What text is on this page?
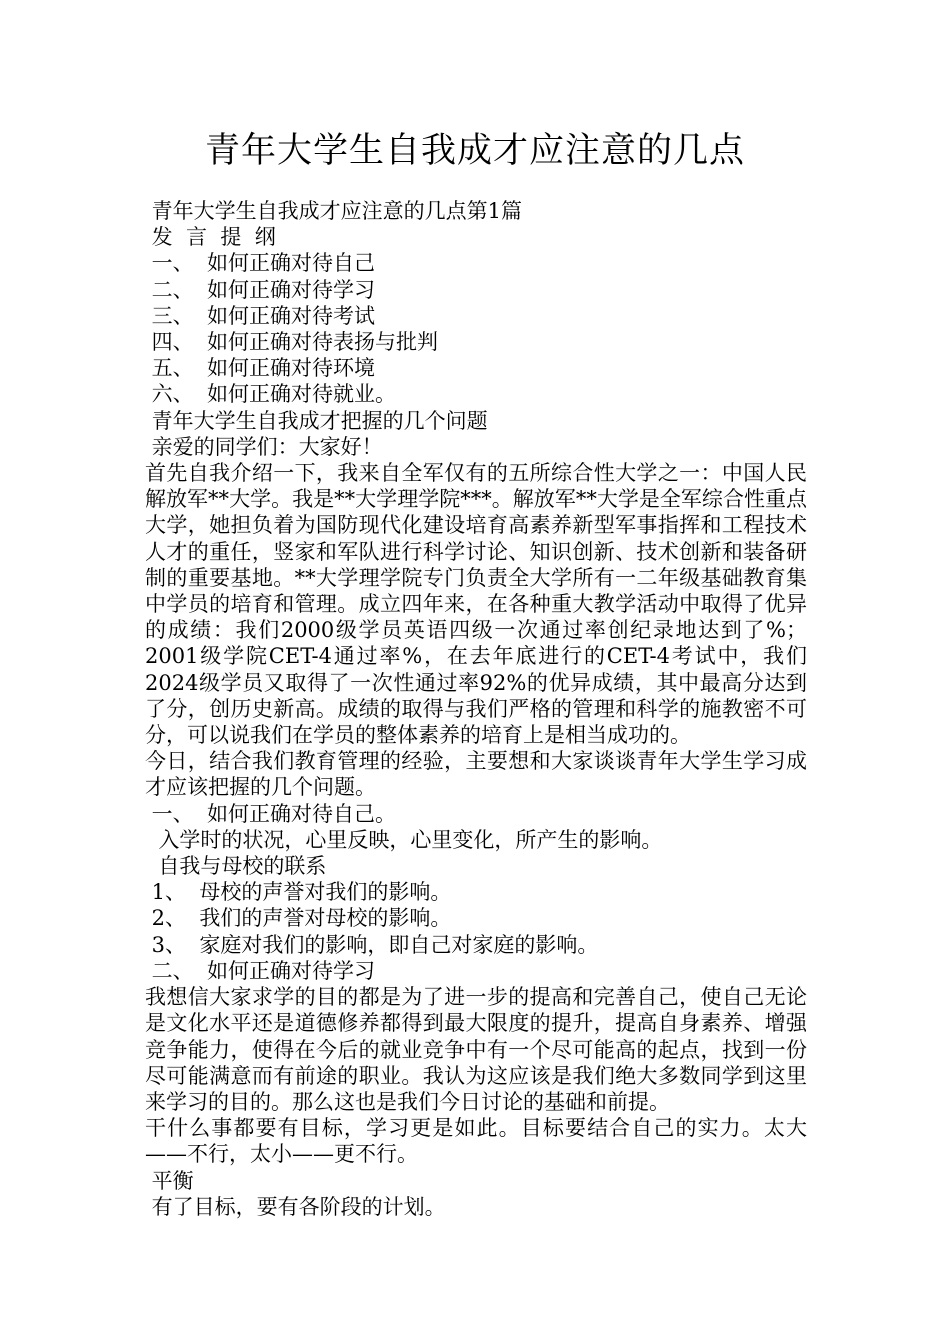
青年大学生自我成才应注意的几点
青年大学生自我成才应注意的几点第1篇
发  言  提  纲
一、  如何正确对待自己
二、  如何正确对待学习
三、  如何正确对待考试
四、  如何正确对待表扬与批判
五、  如何正确对待环境
六、  如何正确对待就业。
青年大学生自我成才把握的几个问题
亲爱的同学们：大家好！
首先自我介绍一下，我来自全军仅有的五所综合性大学之一：中国人民解放军**大学。我是**大学理学院***。解放军**大学是全军综合性重点大学，她担负着为国防现代化建设培育高素养新型军事指挥和工程技术人才的重任，竖家和军队进行科学讨论、知识创新、技术创新和装备研制的重要基地。**大学理学院专门负责全大学所有一二年级基础教育集中学员的培育和管理。成立四年来，在各种重大教学活动中取得了优异的成绩：我们2000级学员英语四级一次通过率创纪录地达到了%； 2001级学院CET-4通过率%，在去年底进行的CET-4考试中，我们2024级学员又取得了一次性通过率92%的优异成绩，其中最高分达到了分，创历史新高。成绩的取得与我们严格的管理和科学的施教密不可分，可以说我们在学员的整体素养的培育上是相当成功的。
今日，结合我们教育管理的经验，主要想和大家谈谈青年大学生学习成才应该把握的几个问题。
一、  如何正确对待自己。
入学时的状况，心里反映，心里变化，所产生的影响。
自我与母校的联系
1、  母校的声誉对我们的影响。
2、  我们的声誉对母校的影响。
3、  家庭对我们的影响，即自己对家庭的影响。
二、  如何正确对待学习
我想信大家求学的目的都是为了进一步的提高和完善自己，使自己无论是文化水平还是道德修养都得到最大限度的提升，提高自身素养、增强竞争能力，使得在今后的就业竞争中有一个尽可能高的起点，找到一份尽可能满意而有前途的职业。我认为这应该是我们绝大多数同学到这里来学习的目的。那么这也是我们今日讨论的基础和前提。
干什么事都要有目标，学习更是如此。目标要结合自己的实力。太大——不行，太小——更不行。
平衡
有了目标，要有各阶段的计划。
